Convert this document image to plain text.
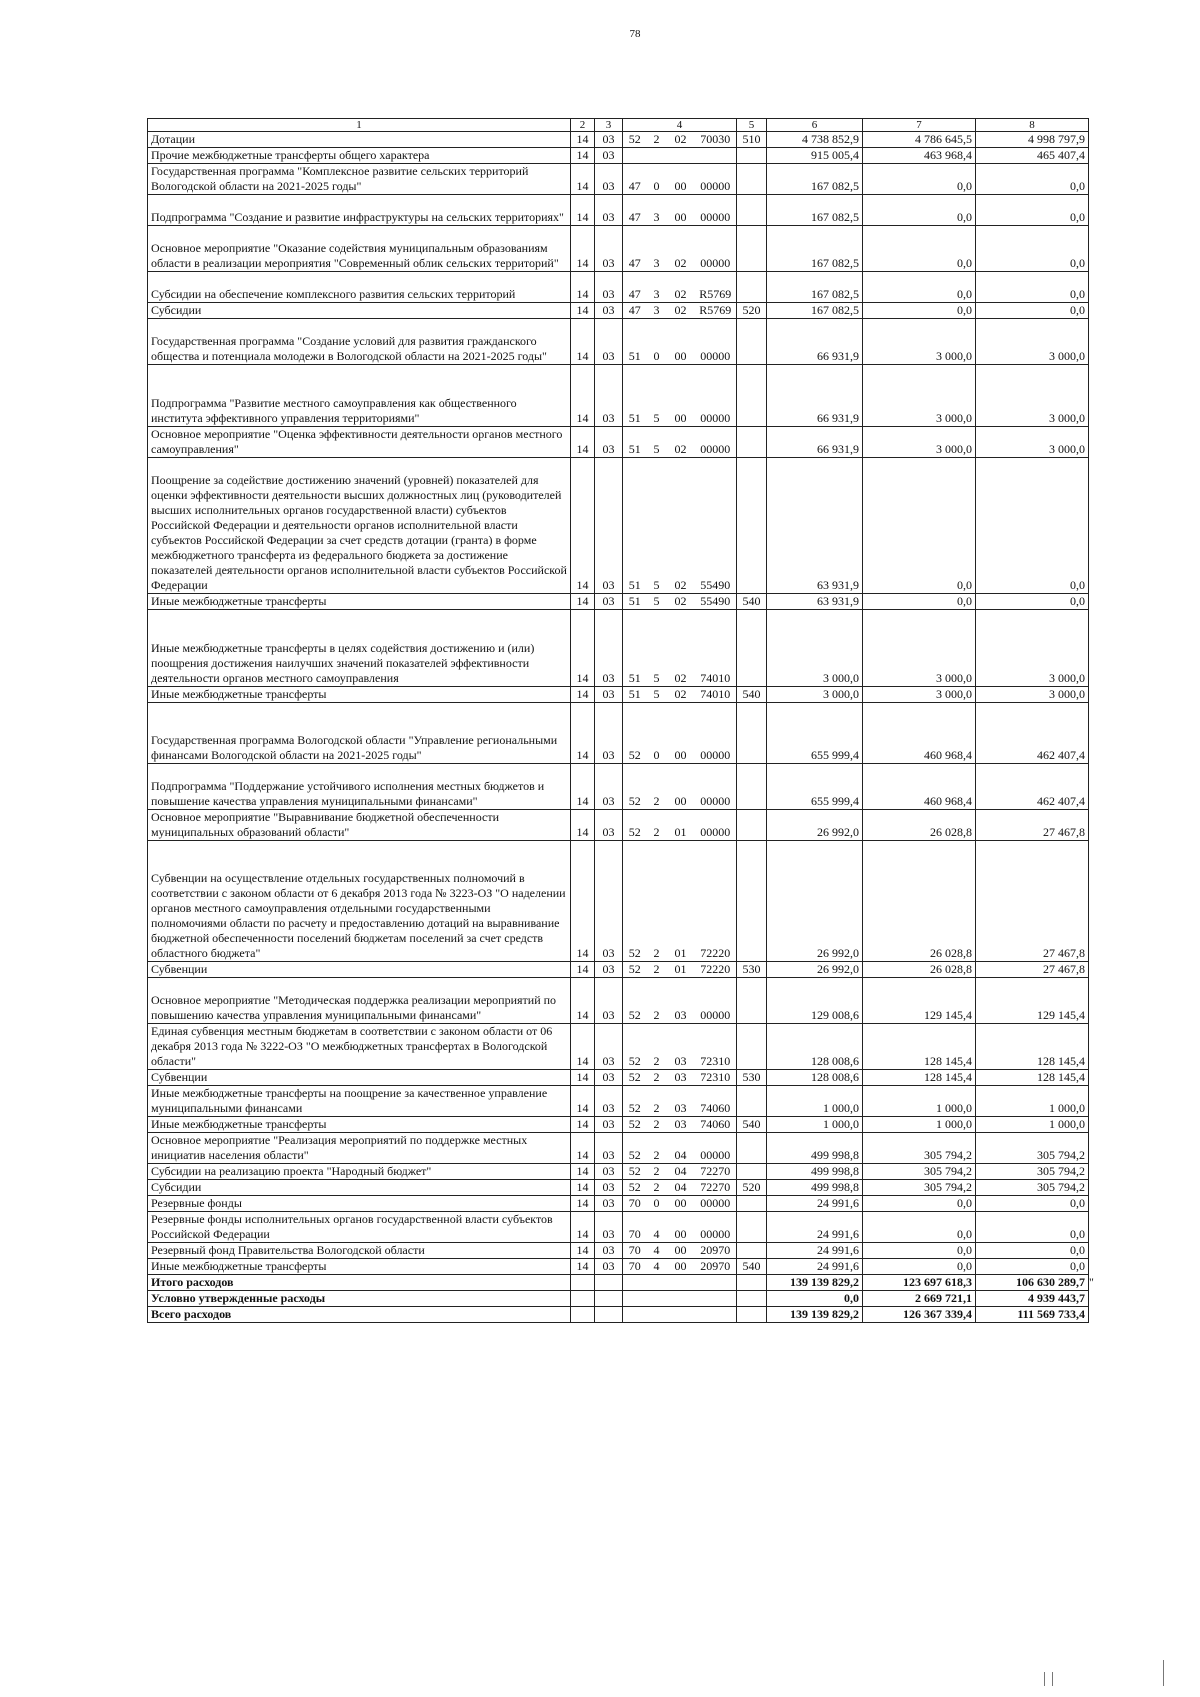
78
1	2	3	4				5	6	7	8
Дотации	14	03	52	2	02	70030	510	4 738 852,9	4 786 645,5	4 998 797,9
Прочие межбюджетные трансферты общего характера	14	03						915 005,4	463 968,4	465 407,4
Государственная программа "Комплексное развитие сельских территорий Вологодской области на 2021-2025 годы"	14	03	47	0	00	00000		167 082,5	0,0	0,0
Подпрограмма "Создание и развитие инфраструктуры на сельских территориях"	14	03	47	3	00	00000		167 082,5	0,0	0,0
Основное мероприятие "Оказание содействия муниципальным образованиям области в реализации мероприятия "Современный облик сельских территорий"	14	03	47	3	02	00000		167 082,5	0,0	0,0
Субсидии на обеспечение комплексного развития сельских территорий	14	03	47	3	02	R5769		167 082,5	0,0	0,0
Субсидии	14	03	47	3	02	R5769	520	167 082,5	0,0	0,0
Государственная программа "Создание условий для развития гражданского общества и потенциала молодежи в Вологодской области на 2021-2025 годы"	14	03	51	0	00	00000		66 931,9	3 000,0	3 000,0
Подпрограмма "Развитие местного самоуправления как общественного института эффективного управления территориями"	14	03	51	5	00	00000		66 931,9	3 000,0	3 000,0
Основное мероприятие "Оценка эффективности деятельности органов местного самоуправления"	14	03	51	5	02	00000		66 931,9	3 000,0	3 000,0
Поощрение за содействие достижению значений (уровней) показателей для оценки эффективности деятельности высших должностных лиц (руководителей высших исполнительных органов государственной власти) субъектов Российской Федерации и деятельности органов исполнительной власти субъектов Российской Федерации за счет средств дотации (гранта) в форме межбюджетного трансферта из федерального бюджета за достижение показателей деятельности органов исполнительной власти субъектов Российской Федерации	14	03	51	5	02	55490		63 931,9	0,0	0,0
Иные межбюджетные трансферты	14	03	51	5	02	55490	540	63 931,9	0,0	0,0
Иные межбюджетные трансферты в целях содействия достижению и (или) поощрения достижения наилучших значений показателей эффективности деятельности органов местного самоуправления	14	03	51	5	02	74010		3 000,0	3 000,0	3 000,0
Иные межбюджетные трансферты	14	03	51	5	02	74010	540	3 000,0	3 000,0	3 000,0
Государственная программа Вологодской области "Управление региональными финансами Вологодской области на 2021-2025 годы"	14	03	52	0	00	00000		655 999,4	460 968,4	462 407,4
Подпрограмма "Поддержание устойчивого исполнения местных бюджетов и повышение качества управления муниципальными финансами"	14	03	52	2	00	00000		655 999,4	460 968,4	462 407,4
Основное мероприятие "Выравнивание бюджетной обеспеченности муниципальных образований области"	14	03	52	2	01	00000		26 992,0	26 028,8	27 467,8
Субвенции на осуществление отдельных государственных полномочий в соответствии с законом области от 6 декабря 2013 года № 3223-ОЗ "О наделении органов местного самоуправления отдельными государственными полномочиями области по расчету и предоставлению дотаций на выравнивание бюджетной обеспеченности поселений бюджетам поселений за счет средств областного бюджета"	14	03	52	2	01	72220		26 992,0	26 028,8	27 467,8
Субвенции	14	03	52	2	01	72220	530	26 992,0	26 028,8	27 467,8
Основное мероприятие "Методическая поддержка реализации мероприятий по повышению качества управления муниципальными финансами"	14	03	52	2	03	00000		129 008,6	129 145,4	129 145,4
Единая субвенция местным бюджетам в соответствии с законом области от 06 декабря 2013 года № 3222-ОЗ "О межбюджетных трансфертах в Вологодской области"	14	03	52	2	03	72310		128 008,6	128 145,4	128 145,4
Субвенции	14	03	52	2	03	72310	530	128 008,6	128 145,4	128 145,4
Иные межбюджетные трансферты на поощрение за качественное управление муниципальными финансами	14	03	52	2	03	74060		1 000,0	1 000,0	1 000,0
Иные межбюджетные трансферты	14	03	52	2	03	74060	540	1 000,0	1 000,0	1 000,0
Основное мероприятие "Реализация мероприятий по поддержке местных инициатив населения области"	14	03	52	2	04	00000		499 998,8	305 794,2	305 794,2
Субсидии на реализацию проекта "Народный бюджет"	14	03	52	2	04	72270		499 998,8	305 794,2	305 794,2
Субсидии	14	03	52	2	04	72270	520	499 998,8	305 794,2	305 794,2
Резервные фонды	14	03	70	0	00	00000		24 991,6	0,0	0,0
Резервные фонды исполнительных органов государственной власти субъектов Российской Федерации	14	03	70	4	00	00000		24 991,6	0,0	0,0
Резервный фонд Правительства Вологодской области	14	03	70	4	00	20970		24 991,6	0,0	0,0
Иные межбюджетные трансферты	14	03	70	4	00	20970	540	24 991,6	0,0	0,0
Итого расходов								139 139 829,2	123 697 618,3	106 630 289,7
Условно утвержденные расходы								0,0	2 669 721,1	4 939 443,7
Всего расходов								139 139 829,2	126 367 339,4	111 569 733,4
"
